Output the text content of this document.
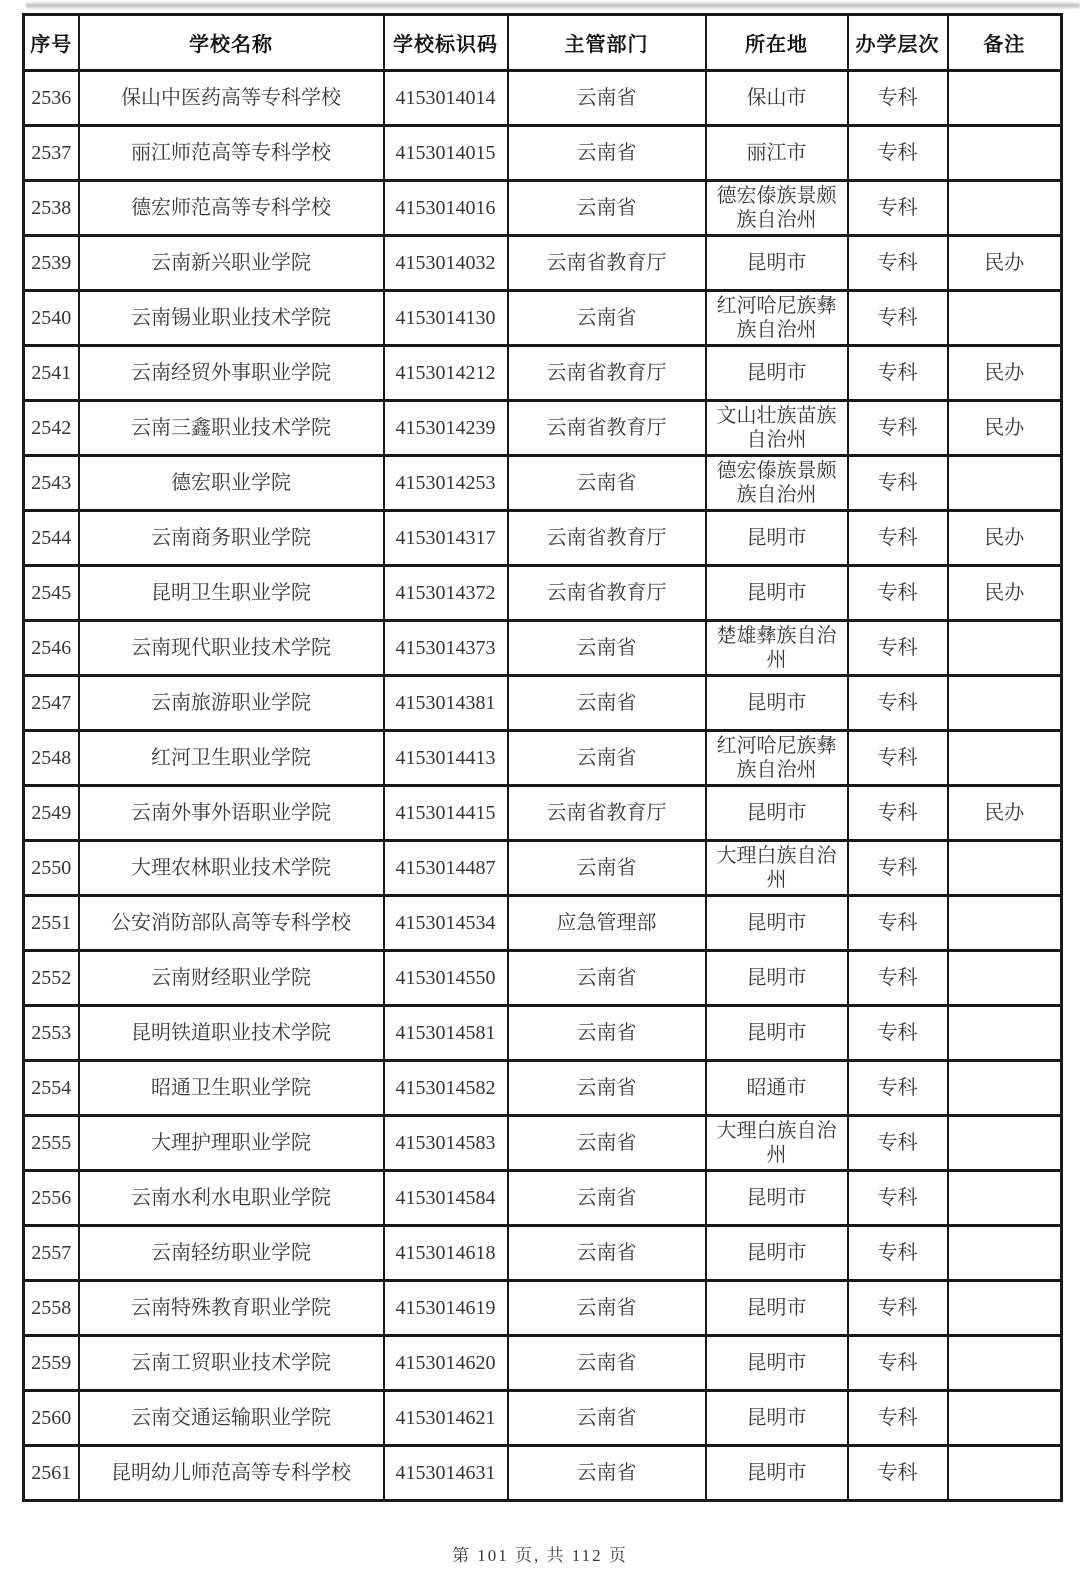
序号	学校名称	学校标识码	主管部门	所在地	办学层次	备注
2536	保山中医药高等专科学校	4153014014	云南省	保山市	专科	
2537	丽江师范高等专科学校	4153014015	云南省	丽江市	专科	
2538	德宏师范高等专科学校	4153014016	云南省	德宏傣族景颇族自治州	专科	
2539	云南新兴职业学院	4153014032	云南省教育厅	昆明市	专科	民办
2540	云南锡业职业技术学院	4153014130	云南省	红河哈尼族彝族自治州	专科	
2541	云南经贸外事职业学院	4153014212	云南省教育厅	昆明市	专科	民办
2542	云南三鑫职业技术学院	4153014239	云南省教育厅	文山壮族苗族自治州	专科	民办
2543	德宏职业学院	4153014253	云南省	德宏傣族景颇族自治州	专科	
2544	云南商务职业学院	4153014317	云南省教育厅	昆明市	专科	民办
2545	昆明卫生职业学院	4153014372	云南省教育厅	昆明市	专科	民办
2546	云南现代职业技术学院	4153014373	云南省	楚雄彝族自治州	专科	
2547	云南旅游职业学院	4153014381	云南省	昆明市	专科	
2548	红河卫生职业学院	4153014413	云南省	红河哈尼族彝族自治州	专科	
2549	云南外事外语职业学院	4153014415	云南省教育厅	昆明市	专科	民办
2550	大理农林职业技术学院	4153014487	云南省	大理白族自治州	专科	
2551	公安消防部队高等专科学校	4153014534	应急管理部	昆明市	专科	
2552	云南财经职业学院	4153014550	云南省	昆明市	专科	
2553	昆明铁道职业技术学院	4153014581	云南省	昆明市	专科	
2554	昭通卫生职业学院	4153014582	云南省	昭通市	专科	
2555	大理护理职业学院	4153014583	云南省	大理白族自治州	专科	
2556	云南水利水电职业学院	4153014584	云南省	昆明市	专科	
2557	云南轻纺职业学院	4153014618	云南省	昆明市	专科	
2558	云南特殊教育职业学院	4153014619	云南省	昆明市	专科	
2559	云南工贸职业技术学院	4153014620	云南省	昆明市	专科	
2560	云南交通运输职业学院	4153014621	云南省	昆明市	专科	
2561	昆明幼儿师范高等专科学校	4153014631	云南省	昆明市	专科	
第 101 页, 共 112 页
